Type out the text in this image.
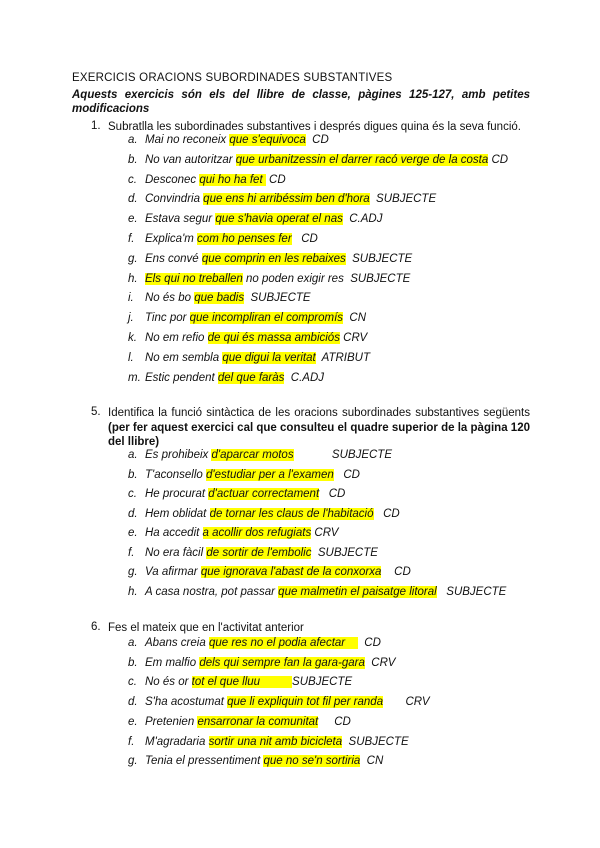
EXERCICIS ORACIONS SUBORDINADES SUBSTANTIVES
Aquests exercicis són els del llibre de classe, pàgines 125-127, amb petites modificacions
1. Subratlla les subordinades substantives i després digues quina és la seva funció.
a. Mai no reconeix que s'equivoca  CD
b. No van autoritzar que urbanitzessin el darrer racó verge de la costa CD
c. Desconec qui ho ha fet  CD
d. Convindria que ens hi arribéssim ben d'hora  SUBJECTE
e. Estava segur que s'havia operat el nas  C.ADJ
f. Explica'm com ho penses fer   CD
g. Ens convé que comprin en les rebaixes  SUBJECTE
h. Els qui no treballen no poden exigir res  SUBJECTE
i. No és bo que badis  SUBJECTE
j. Tinc por que incompliran el compromís  CN
k. No em refio de qui és massa ambiciós CRV
l. No em sembla que digui la veritat  ATRIBUT
m. Estic pendent del que faràs  C.ADJ
5. Identifica la funció sintàctica de les oracions subordinades substantives següents (per fer aquest exercici cal que consulteu el quadre superior de la pàgina 120 del llibre)
a. Es prohibeix d'aparcar motos            SUBJECTE
b. T'aconsello d'estudiar per a l'examen   CD
c. He procurat d'actuar correctament   CD
d. Hem oblidat de tornar les claus de l'habitació   CD
e. Ha accedit a acollir dos refugiats CRV
f. No era fàcil de sortir de l'embolic  SUBJECTE
g. Va afirmar que ignorava l'abast de la conxorxa    CD
h. A casa nostra, pot passar que malmetin el paisatge litoral   SUBJECTE
6. Fes el mateix que en l'activitat anterior
a. Abans creia que res no el podia afectar      CD
b. Em malfio dels qui sempre fan la gara-gara  CRV
c. No és or tot el que lluu          SUBJECTE
d. S'ha acostumat que li expliquin tot fil per randa       CRV
e. Pretenien ensarronar la comunitat     CD
f. M'agradaria sortir una nit amb bicicleta  SUBJECTE
g. Tenia el pressentiment que no se'n sortiria  CN
